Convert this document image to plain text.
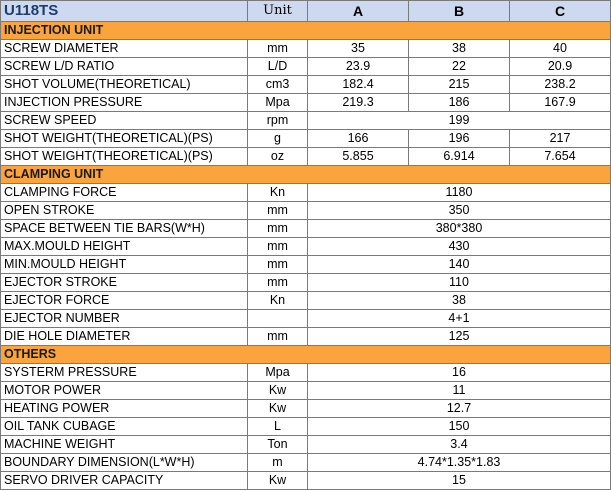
U118TS	Unit	A	B	C
INJECTION UNIT				
SCREW DIAMETER	mm	35	38	40
SCREW L/D RATIO	L/D	23.9	22	20.9
SHOT VOLUME(THEORETICAL)	cm3	182.4	215	238.2
INJECTION PRESSURE	Mpa	219.3	186	167.9
SCREW SPEED	rpm	199		
SHOT WEIGHT(THEORETICAL)(PS)	g	166	196	217
SHOT WEIGHT(THEORETICAL)(PS)	oz	5.855	6.914	7.654
CLAMPING UNIT				
CLAMPING FORCE	Kn	1180		
OPEN STROKE	mm	350		
SPACE BETWEEN TIE BARS(W*H)	mm	380*380		
MAX.MOULD HEIGHT	mm	430		
MIN.MOULD HEIGHT	mm	140		
EJECTOR STROKE	mm	110		
EJECTOR FORCE	Kn	38		
EJECTOR NUMBER		4+1		
DIE HOLE DIAMETER	mm	125		
OTHERS				
SYSTERM PRESSURE	Mpa	16		
MOTOR POWER	Kw	11		
HEATING POWER	Kw	12.7		
OIL TANK CUBAGE	L	150		
MACHINE WEIGHT	Ton	3.4		
BOUNDARY DIMENSION(L*W*H)	m	4.74*1.35*1.83		
SERVO DRIVER CAPACITY	Kw	15		
